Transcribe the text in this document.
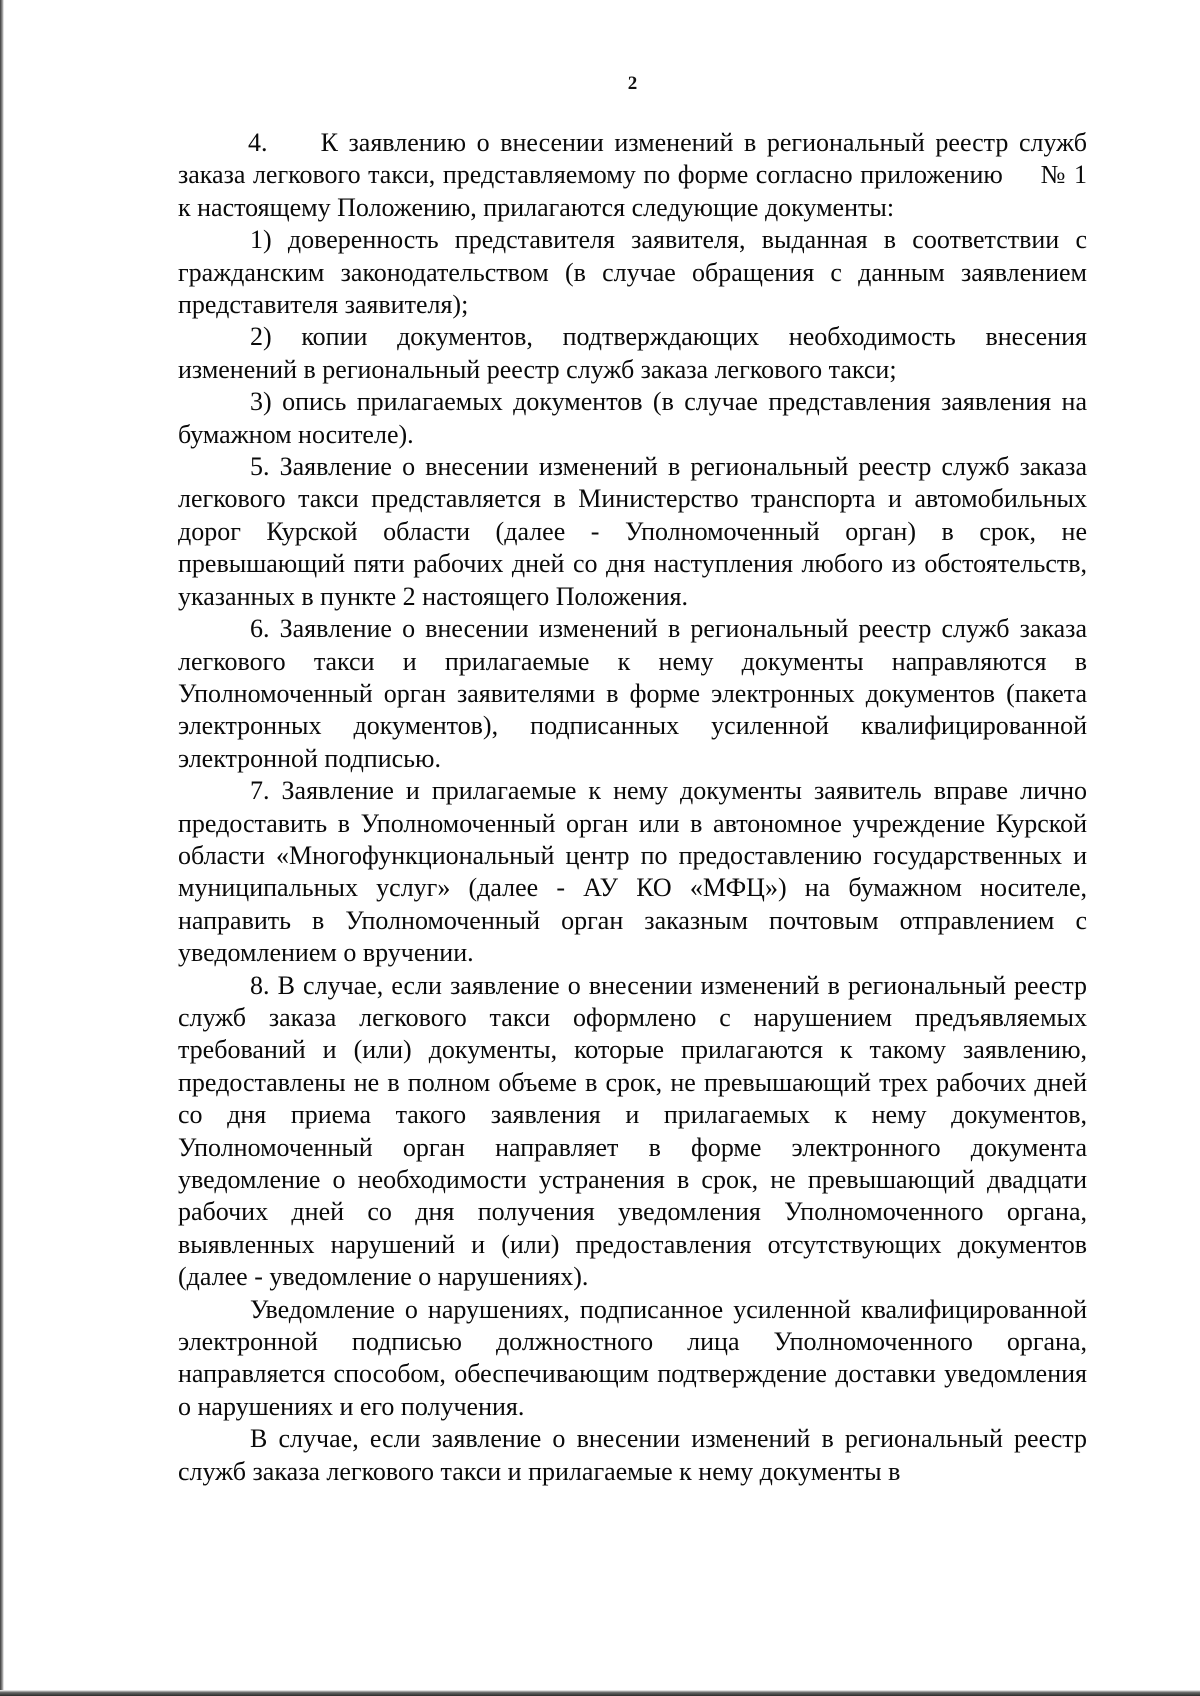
2

4.     К заявлению о внесении изменений в региональный реестр служб заказа легкового такси, представляемому по форме согласно приложению     № 1 к настоящему Положению, прилагаются следующие документы:

1) доверенность представителя заявителя, выданная в соответствии с гражданским законодательством (в случае обращения с данным заявлением представителя заявителя);

2) копии документов, подтверждающих необходимость внесения изменений в региональный реестр служб заказа легкового такси;

3) опись прилагаемых документов (в случае представления заявления на бумажном носителе).

5. Заявление о внесении изменений в региональный реестр служб заказа легкового такси представляется в Министерство транспорта и автомобильных дорог Курской области (далее - Уполномоченный орган) в срок, не превышающий пяти рабочих дней со дня наступления любого из обстоятельств, указанных в пункте 2 настоящего Положения.

6. Заявление о внесении изменений в региональный реестр служб заказа легкового такси и прилагаемые к нему документы направляются в Уполномоченный орган заявителями в форме электронных документов (пакета электронных документов), подписанных усиленной квалифицированной электронной подписью.

7. Заявление и прилагаемые к нему документы заявитель вправе лично предоставить в Уполномоченный орган или в автономное учреждение Курской области «Многофункциональный центр по предоставлению государственных и муниципальных услуг» (далее - АУ КО «МФЦ») на бумажном носителе, направить в Уполномоченный орган заказным почтовым отправлением с уведомлением о вручении.

8. В случае, если заявление о внесении изменений в региональный реестр служб заказа легкового такси оформлено с нарушением предъявляемых требований и (или) документы, которые прилагаются к такому заявлению, предоставлены не в полном объеме в срок, не превышающий трех рабочих дней со дня приема такого заявления и прилагаемых к нему документов, Уполномоченный орган направляет в форме электронного документа уведомление о необходимости устранения в срок, не превышающий двадцати рабочих дней со дня получения уведомления Уполномоченного органа, выявленных нарушений и (или) предоставления отсутствующих документов (далее - уведомление о нарушениях).

Уведомление о нарушениях, подписанное усиленной квалифицированной электронной подписью должностного лица Уполномоченного органа, направляется способом, обеспечивающим подтверждение доставки уведомления о нарушениях и его получения.

В случае, если заявление о внесении изменений в региональный реестр служб заказа легкового такси и прилагаемые к нему документы в
